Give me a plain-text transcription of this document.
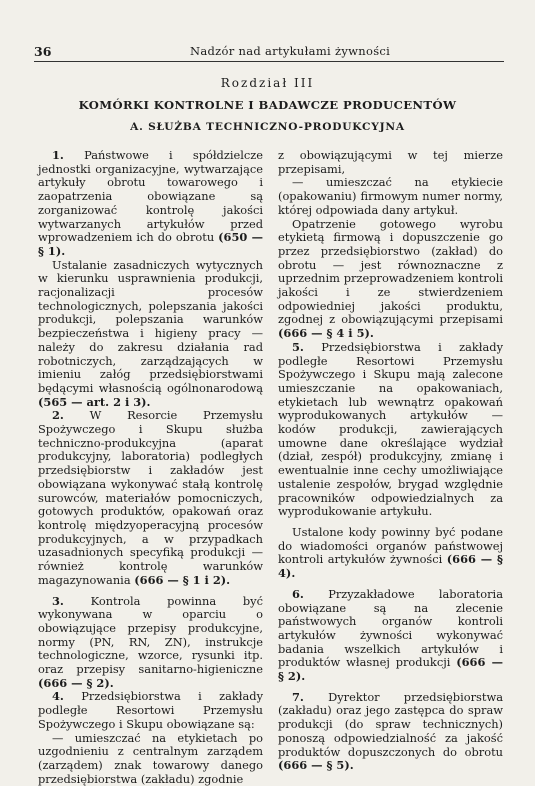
36	Nadzór nad artykułami żywności
Rozdział III
KOMÓRKI KONTROLNE I BADAWCZE PRODUCENTÓW
A. SŁUŻBA TECHNICZNO-PRODUKCYJNA

1. Państwowe i spółdzielcze jednostki organizacyjne, wytwarzające artykuły obrotu towarowego i zaopatrzenia obowiązane są zorganizować kontrolę jakości wytwarzanych artykułów przed wprowadzeniem ich do obrotu (650 — § 1).

Ustalanie zasadniczych wytycznych w kierunku usprawnienia produkcji, racjonalizacji procesów technologicznych, polepszania jakości produkcji, polepszania warunków bezpieczeństwa i higieny pracy — należy do zakresu działania rad robotniczych, zarządzających w imieniu załóg przedsiębiorstwami będącymi własnością ogólnonarodową (565 — art. 2 i 3).

2. W Resorcie Przemysłu Spożywczego i Skupu służba techniczno-produkcyjna (aparat produkcyjny, laboratoria) podległych przedsiębiorstw i zakładów jest obowiązana wykonywać stałą kontrolę surowców, materiałów pomocniczych, gotowych produktów, opakowań oraz kontrolę międzyoperacyjną procesów produkcyjnych, a w przypadkach uzasadnionych specyfiką produkcji — również kontrolę warunków magazynowania (666 — § 1 i 2).

3. Kontrola powinna być wykonywana w oparciu o obowiązujące przepisy produkcyjne, normy (PN, RN, ZN), instrukcje technologiczne, wzorce, rysunki itp. oraz przepisy sanitarno-higieniczne (666 — § 2).

4. Przedsiębiorstwa i zakłady podległe Resortowi Przemysłu Spożywczego i Skupu obowiązane są:

— umieszczać na etykietach po uzgodnieniu z centralnym zarządem (zarządem) znak towarowy danego przedsiębiorstwa (zakładu) zgodnie

z obowiązującymi w tej mierze przepisami,

— umieszczać na etykiecie (opakowaniu) firmowym numer normy, której odpowiada dany artykuł.

Opatrzenie gotowego wyrobu etykietą firmową i dopuszczenie go przez przedsiębiorstwo (zakład) do obrotu — jest równoznaczne z uprzednim przeprowadzeniem kontroli jakości i ze stwierdzeniem odpowiedniej jakości produktu, zgodnej z obowiązującymi przepisami (666 — § 4 i 5).

5. Przedsiębiorstwa i zakłady podległe Resortowi Przemysłu Spożywczego i Skupu mają zalecone umieszczanie na opakowaniach, etykietach lub wewnątrz opakowań wyprodukowanych artykułów — kodów produkcji, zawierających umowne dane określające wydział (dział, zespół) produkcyjny, zmianę i ewentualnie inne cechy umożliwiające ustalenie zespołów, brygad względnie pracowników odpowiedzialnych za wyprodukowanie artykułu.

Ustalone kody powinny być podane do wiadomości organów państwowej kontroli artykułów żywności (666 — § 4).

6. Przyzakładowe laboratoria obowiązane są na zlecenie państwowych organów kontroli artykułów żywności wykonywać badania wszelkich artykułów i produktów własnej produkcji (666 — § 2).

7. Dyrektor przedsiębiorstwa (zakładu) oraz jego zastępca do spraw produkcji (do spraw technicznych) ponoszą odpowiedzialność za jakość produktów dopuszczonych do obrotu (666 — § 5).
